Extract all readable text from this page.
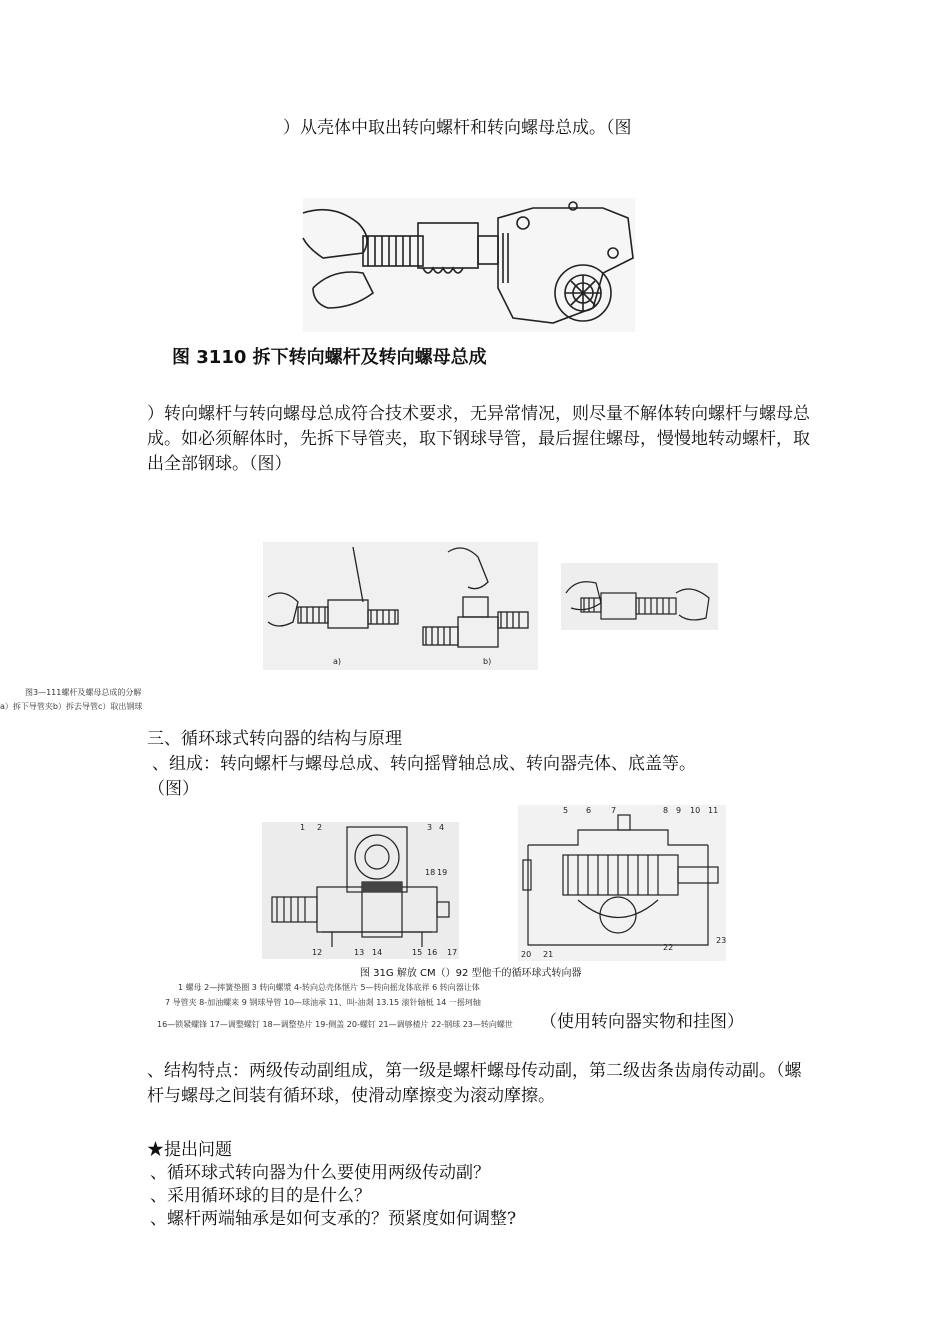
）从壳体中取出转向螺杆和转向螺母总成。（图
图 3110 拆下转向螺杆及转向螺母总成
）转向螺杆与转向螺母总成符合技术要求，无异常情况，则尽量不解体转向螺杆与螺母总成。如必须解体时，先拆下导管夹，取下钢球导管，最后握住螺母，慢慢地转动螺杆，取出全部钢球。（图）
a)	b)
图3—111螺杆及螺母总成的分解
a）拆下导管夹b）拆去导管c）取出钢球
三、循环球式转向器的结构与原理
、组成：转向螺杆与螺母总成、转向摇臂轴总成、转向器壳体、底盖等。
（图）
1 2	3 4
18 19
12	13 14	15 16 17
5 6 7	8 9 10 11
20 21
22
23
图 31G 解放 CM（）92 型他千的循环球式转向器
1 螺母 2—摔簧垫圈 3 转向螺漿 4-转向总壳体惬片 5—转向摇龙体底祥 6 转向器让体
7 导管夹 8-加油螺来 9 钢球导管 10—球油承 11、叫-油剡 13.15 滚针轴柢 14 一摇珂轴
16—锁紧螺锋 17—调整螺钉 18—调整垫片 19-侧盖 20-螺钉 21—调够楂片 22-钢球 23—转向螺世 （使用转向器实物和挂图）
、结构特点：两级传动副组成，第一级是螺杆螺母传动副，第二级齿条齿扇传动副。（螺杆与螺母之间装有循环球，使滑动摩擦变为滚动摩擦。
★提出问题
、循环球式转向器为什么要使用两级传动副？
、采用循环球的目的是什么？
、螺杆两端轴承是如何支承的？预紧度如何调整?
